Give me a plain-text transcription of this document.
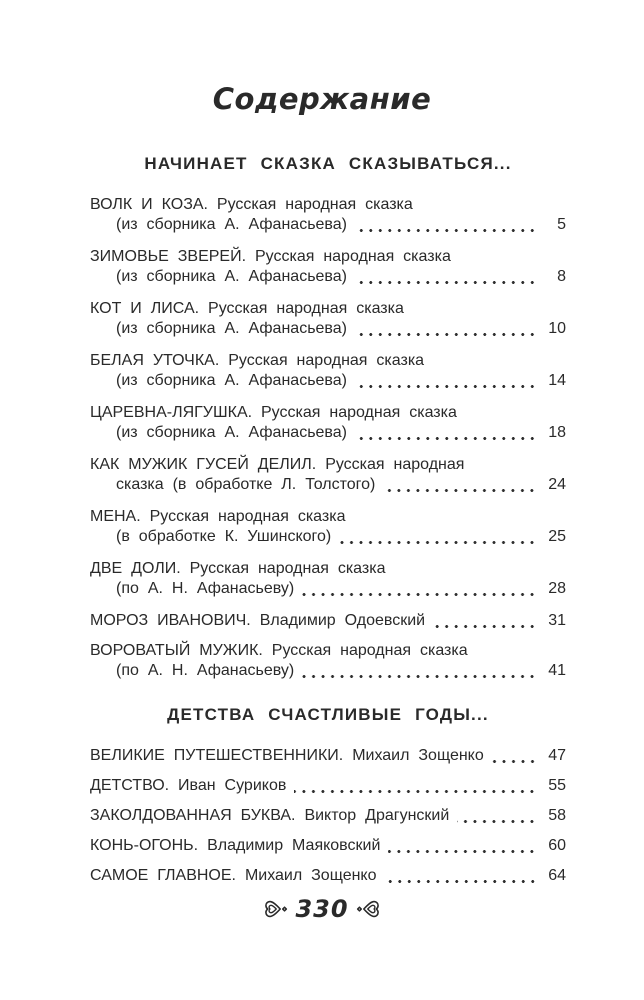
Содержание
НАЧИНАЕТ СКАЗКА СКАЗЫВАТЬСЯ...
ВОЛК И КОЗА. Русская народная сказка
(из сборника А. Афанасьева)	5
ЗИМОВЬЕ ЗВЕРЕЙ. Русская народная сказка
(из сборника А. Афанасьева)	8
КОТ И ЛИСА. Русская народная сказка
(из сборника А. Афанасьева)	10
БЕЛАЯ УТОЧКА. Русская народная сказка
(из сборника А. Афанасьева)	14
ЦАРЕВНА-ЛЯГУШКА. Русская народная сказка
(из сборника А. Афанасьева)	18
КАК МУЖИК ГУСЕЙ ДЕЛИЛ. Русская народная
сказка (в обработке Л. Толстого)	24
МЕНА. Русская народная сказка
(в обработке К. Ушинского)	25
ДВЕ ДОЛИ. Русская народная сказка
(по А. Н. Афанасьеву)	28
МОРОЗ ИВАНОВИЧ. Владимир Одоевский	31
ВОРОВАТЫЙ МУЖИК. Русская народная сказка
(по А. Н. Афанасьеву)	41
ДЕТСТВА СЧАСТЛИВЫЕ ГОДЫ...
ВЕЛИКИЕ ПУТЕШЕСТВЕННИКИ. Михаил Зощенко	47
ДЕТСТВО. Иван Суриков	55
ЗАКОЛДОВАННАЯ БУКВА. Виктор Драгунский	58
КОНЬ-ОГОНЬ. Владимир Маяковский	60
САМОЕ ГЛАВНОЕ. Михаил Зощенко	64
330
